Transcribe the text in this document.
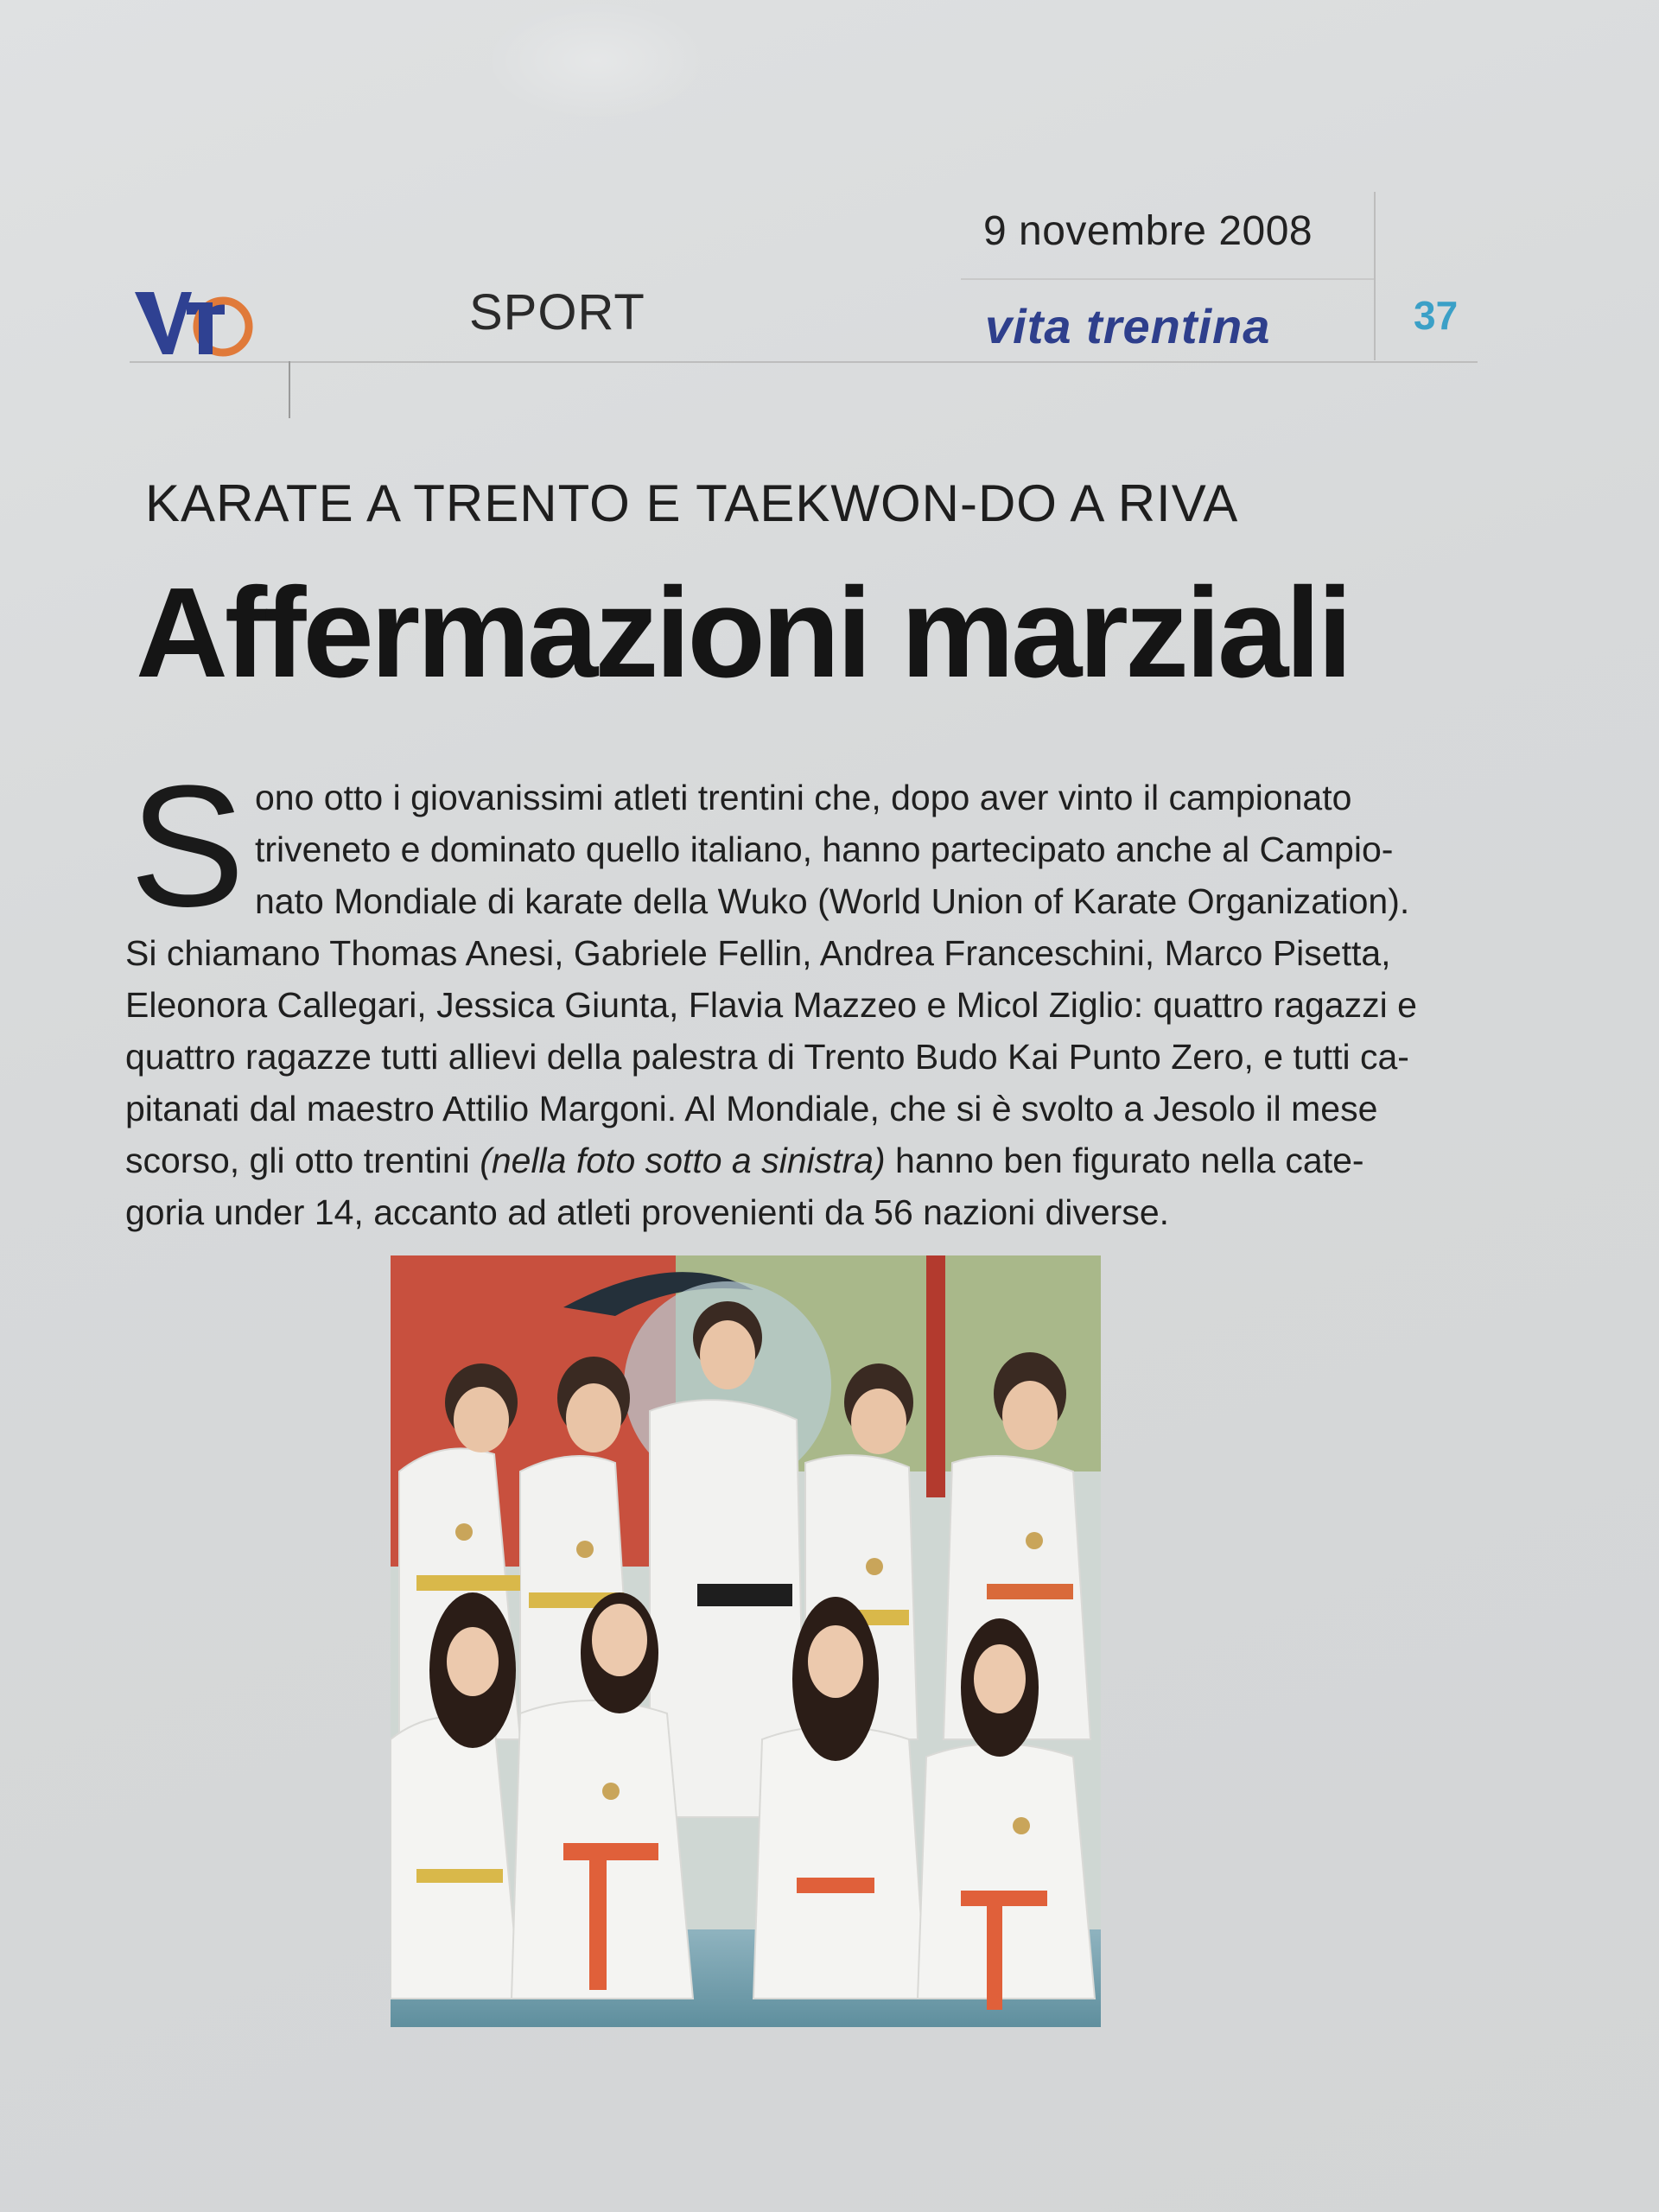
9 novembre 2008
SPORT	vita trentina	37
KARATE A TRENTO E TAEKWON-DO A RIVA
Affermazioni marziali
S ono otto i giovanissimi atleti trentini che, dopo aver vinto il campionato
triveneto e dominato quello italiano, hanno partecipato anche al Campio-
nato Mondiale di karate della Wuko (World Union of Karate Organization).
Si chiamano Thomas Anesi, Gabriele Fellin, Andrea Franceschini, Marco Pisetta,
Eleonora Callegari, Jessica Giunta, Flavia Mazzeo e Micol Ziglio: quattro ragazzi e
quattro ragazze tutti allievi della palestra di Trento Budo Kai Punto Zero, e tutti ca-
pitanati dal maestro Attilio Margoni. Al Mondiale, che si è svolto a Jesolo il mese
scorso, gli otto trentini (nella foto sotto a sinistra) hanno ben figurato nella cate-
goria under 14, accanto ad atleti provenienti da 56 nazioni diverse.
